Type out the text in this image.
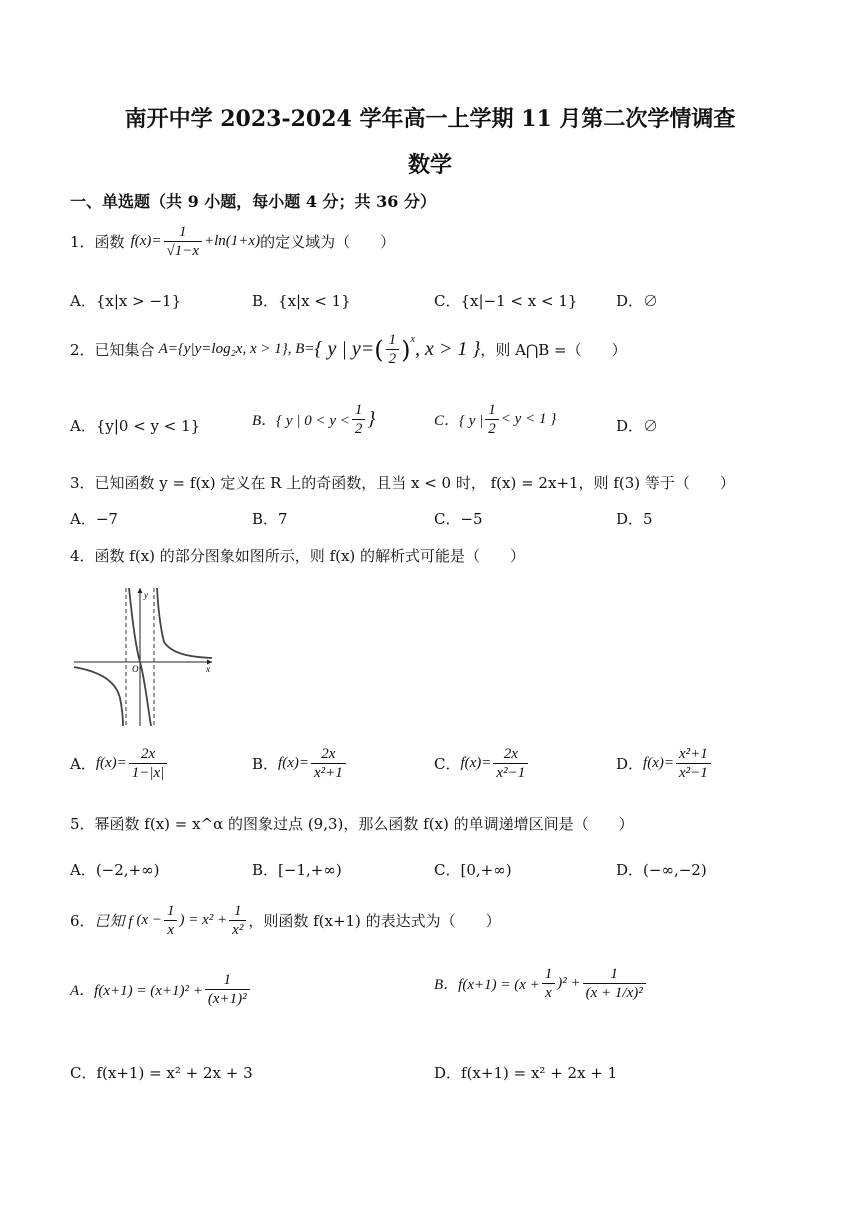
南开中学 2023-2024 学年高一上学期 11 月第二次学情调查
数学
一、单选题（共 9 小题，每小题 4 分；共 36 分）
1． 函数 $f(x)= \frac{1}{√1-x} +\ln(1+x)$ 的定义域为（　　）
A．{x|x > −1}	B．{x|x < 1}	C．{x|−1 < x < 1}	D．∅
2． 已知集合 A={y|y=log₂x, x > 1}, B= { y | y= ( $\frac{1}{2} )^x$ , x > 1 } ，则 A⋂B =（　　）
A．{y|0 < y < 1}	B．{ y | $0 < y < \frac{1}{2}$ }	C．{ y | $\frac{1}{2} < y < 1$ }	D．∅
3．已知函数 y = f(x) 定义在 R 上的奇函数，且当 x < 0 时， f(x) = 2x+1，则 f(3) 等于（　　）
A．−7	B．7	C．−5	D．5
4．函数 f(x) 的部分图象如图所示，则 f(x) 的解析式可能是（　　）
y
x
O
A． $f(x)= \frac{2x}{1-|x|}$	B． $f(x)= \frac{2x}{\text{x²+1}}$	C． $f(x)= \frac{2x}{\text{x²−1}}$	D． $f(x)= \frac{\text{x²+1}}{\text{x²−1}}$
5．幂函数 f(x) = x^α 的图象过点 (9,3)，那么函数 f(x) 的单调递增区间是（　　）
A．(−2,+∞)	B．[−1,+∞)	C．[0,+∞)	D．(−∞,−2)
6． 已知 f ($x - \frac{1}{x}$ ) = $x^2 + \frac{1}{\text{x²}}$ ，则函数 f(x+1) 的表达式为（　　）
A．$f(x+1) = (x+1)^2 + \frac{1}{\text{(x+1)²}}$	B．$f(x+1) = (x + \frac{1}{x} )^2 + \frac{1}{\text{(x + 1/x)²}}$
C．f(x+1) = x² + 2x + 3	D．f(x+1) = x² + 2x + 1
